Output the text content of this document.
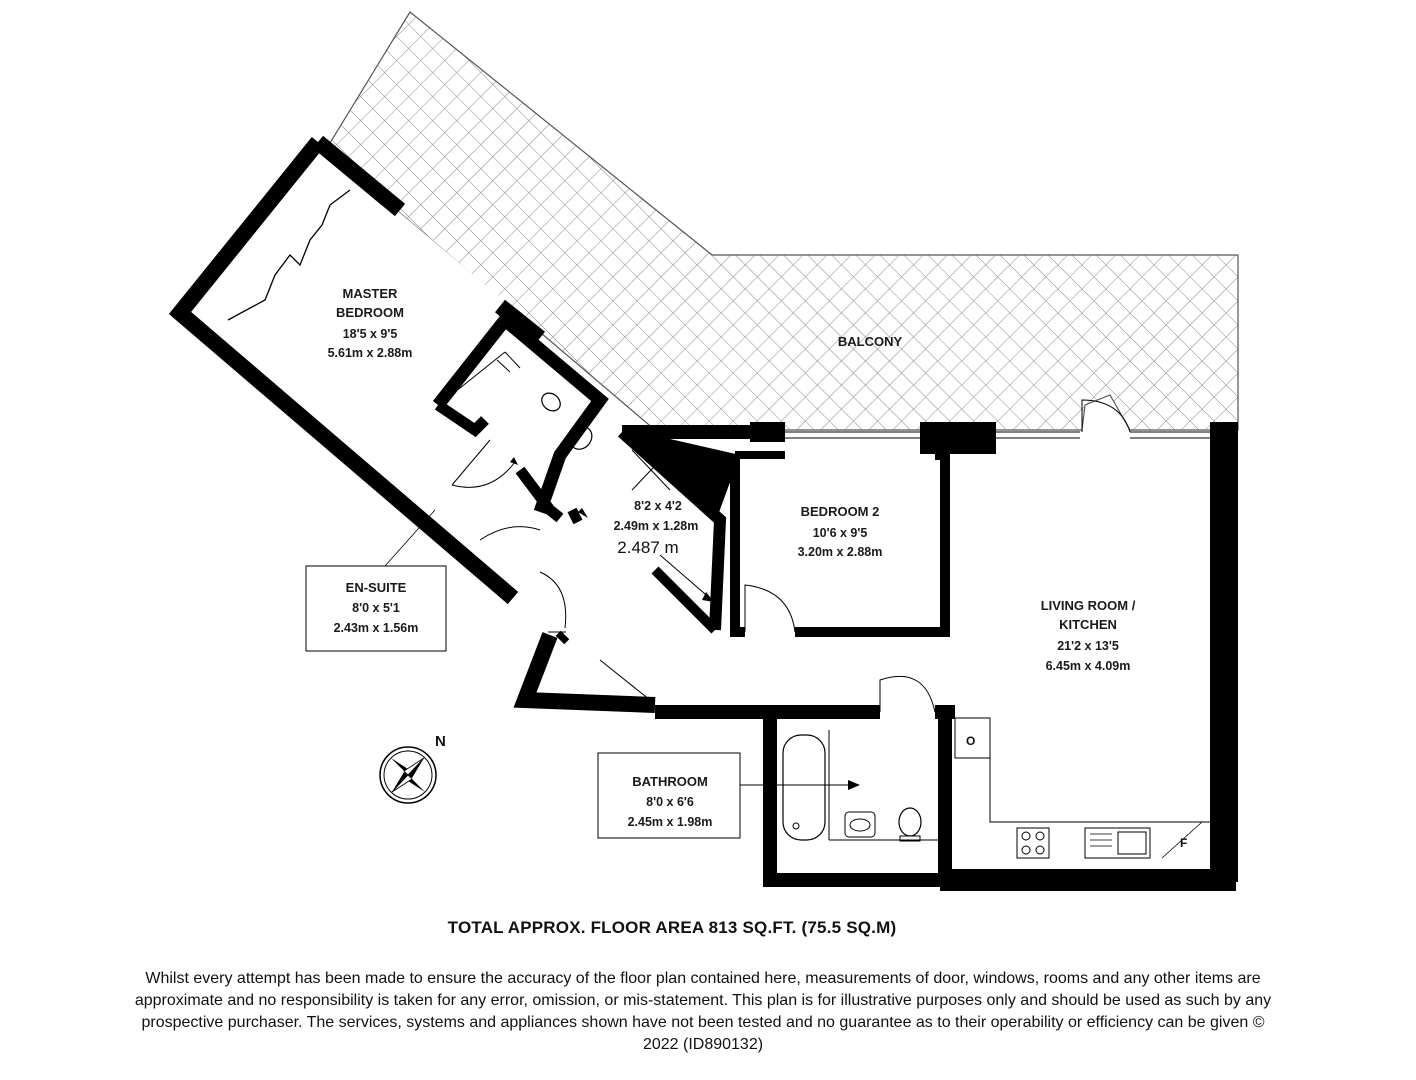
BALCONY
MASTER
BEDROOM
18'5 x 9'5
5.61m x 2.88m
EN-SUITE
8'0 x 5'1
2.43m x 1.56m
8'2 x 4'2
2.49m x 1.28m
2.487 m
BEDROOM 2
10'6 x 9'5
3.20m x 2.88m
F
O
LIVING ROOM /
KITCHEN
21'2 x 13'5
6.45m x 4.09m
BATHROOM
8'0 x 6'6
2.45m x 1.98m
N
TOTAL APPROX. FLOOR AREA 813 SQ.FT. (75.5 SQ.M)
Whilst every attempt has been made to ensure the accuracy of the floor plan contained here, measurements of door, windows, rooms and any other items are approximate and no responsibility is taken for any error, omission, or mis-statement. This plan is for illustrative purposes only and should be used as such by any prospective purchaser. The services, systems and appliances shown have not been tested and no guarantee as to their operability or efficiency can be given © 2022 (ID890132)
